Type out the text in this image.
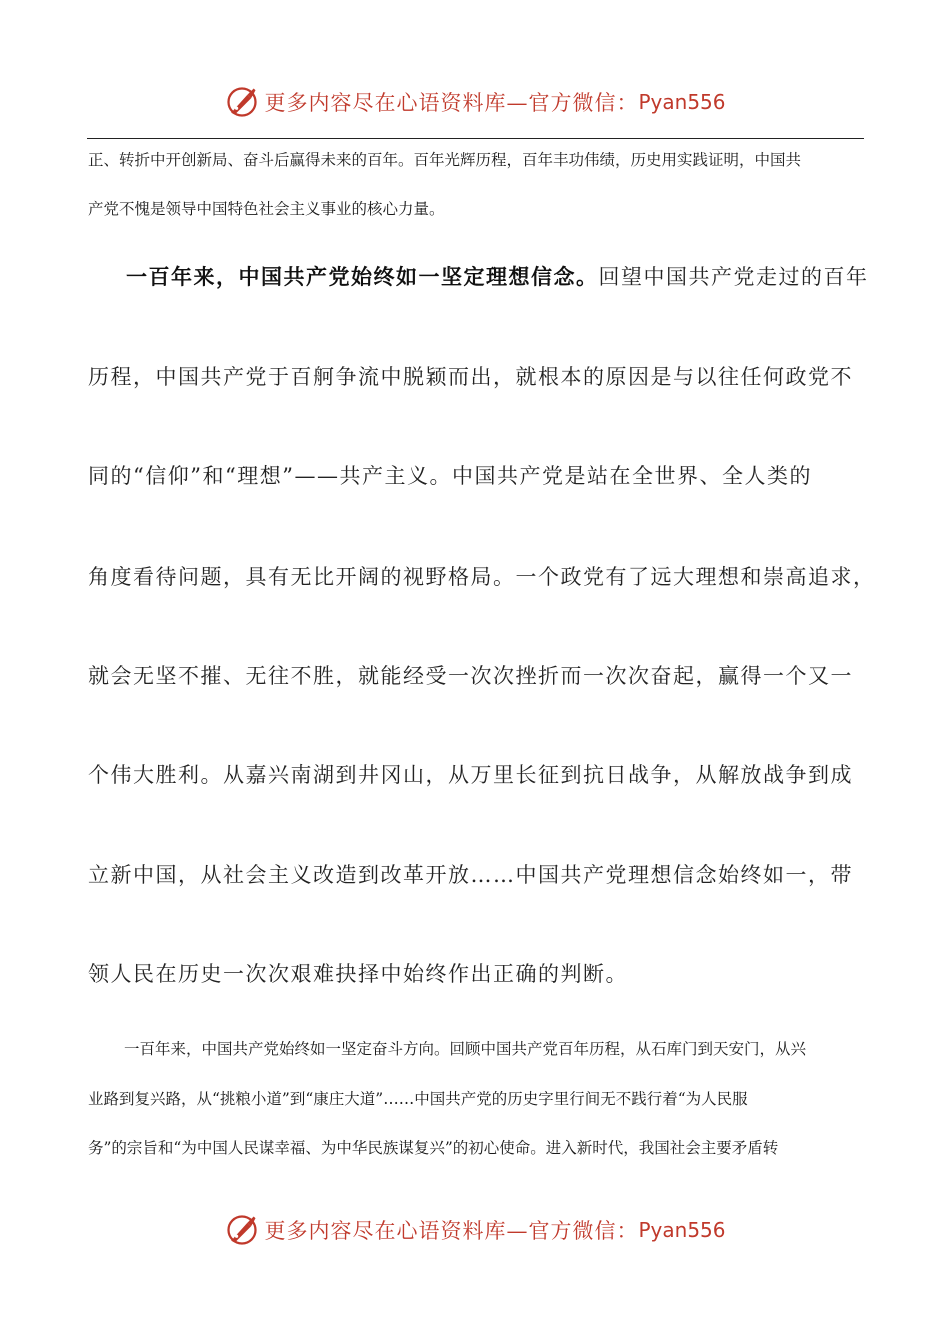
更多内容尽在心语资料库—官方微信： Pyan556
正、转折中开创新局、奋斗后赢得未来的百年。百年光辉历程，百年丰功伟绩，历史用实践证明，中国共
产党不愧是领导中国特色社会主义事业的核心力量。
一百年来，中国共产党始终如一坚定理想信念。回望中国共产党走过的百年
历程，中国共产党于百舸争流中脱颖而出，就根本的原因是与以往任何政党不
同的“信仰”和“理想”——共产主义。中国共产党是站在全世界、全人类的
角度看待问题，具有无比开阔的视野格局。一个政党有了远大理想和崇高追求，
就会无坚不摧、无往不胜，就能经受一次次挫折而一次次奋起，赢得一个又一
个伟大胜利。从嘉兴南湖到井冈山，从万里长征到抗日战争，从解放战争到成
立新中国，从社会主义改造到改革开放……中国共产党理想信念始终如一，带
领人民在历史一次次艰难抉择中始终作出正确的判断。
一百年来，中国共产党始终如一坚定奋斗方向。回顾中国共产党百年历程，从石库门到天安门，从兴
业路到复兴路，从“挑粮小道”到“康庄大道”……中国共产党的历史字里行间无不践行着“为人民服
务”的宗旨和“为中国人民谋幸福、为中华民族谋复兴”的初心使命。进入新时代，我国社会主要矛盾转
更多内容尽在心语资料库—官方微信： Pyan556
